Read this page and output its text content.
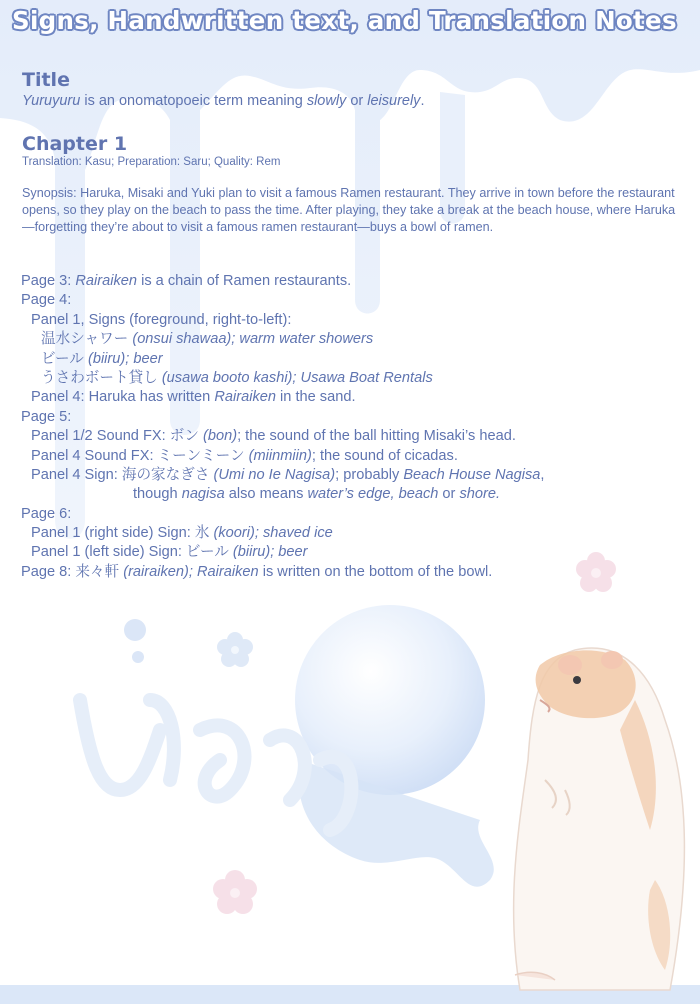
Signs, Handwritten text, and Translation Notes
Title
Yuruyuru is an onomatopoeic term meaning slowly or leisurely.
Chapter 1
Translation: Kasu; Preparation: Saru; Quality: Rem
Synopsis: Haruka, Misaki and Yuki plan to visit a famous Ramen restaurant. They arrive in town before the restaurant opens, so they play on the beach to pass the time. After playing, they take a break at the beach house, where Haruka—forgetting they’re about to visit a famous ramen restaurant—buys a bowl of ramen.
Page 3: Rairaiken is a chain of Ramen restaurants.
Page 4:
Panel 1, Signs (foreground, right-to-left):
温水シャワー (onsui shawaa); warm water showers
ビール (biiru); beer
うさわボート貸し (usawa booto kashi); Usawa Boat Rentals
Panel 4: Haruka has written Rairaiken in the sand.
Page 5:
Panel 1/2 Sound FX: ボン (bon); the sound of the ball hitting Misaki’s head.
Panel 4 Sound FX: ミーンミーン (miinmiin); the sound of cicadas.
Panel 4 Sign: 海の家なぎさ (Umi no Ie Nagisa); probably Beach House Nagisa,
though nagisa also means water’s edge, beach or shore.
Page 6:
Panel 1 (right side) Sign: 氷 (koori); shaved ice
Panel 1 (left side) Sign: ビール (biiru); beer
Page 8: 来々軒 (rairaiken); Rairaiken is written on the bottom of the bowl.
